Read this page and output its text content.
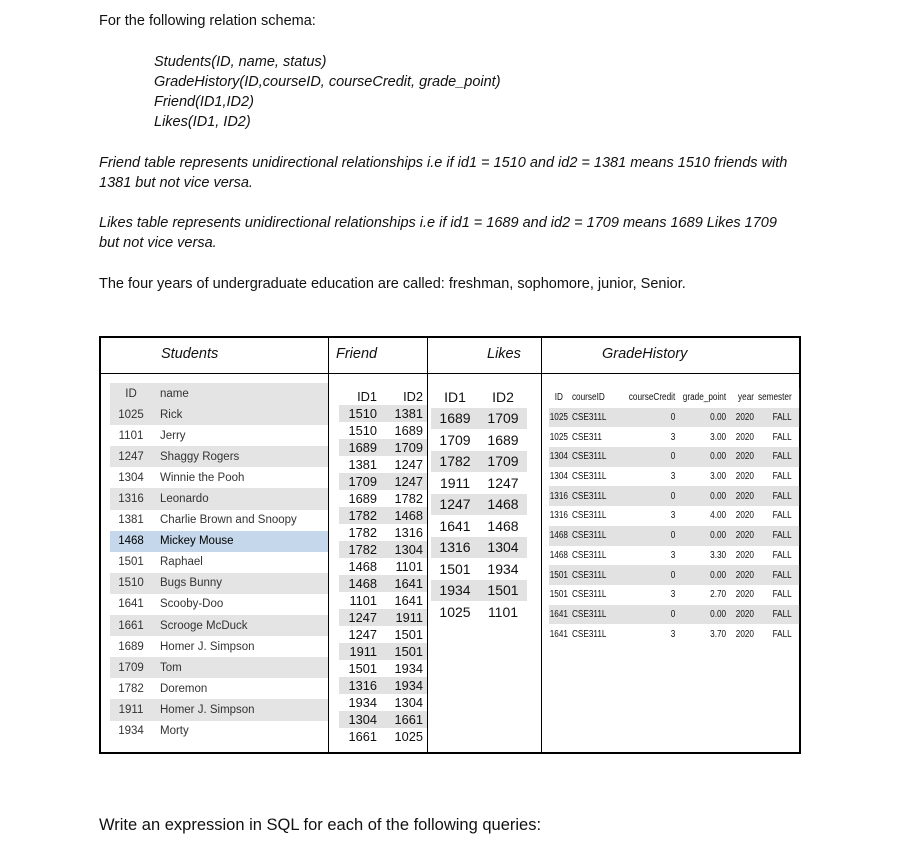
For the following relation schema:
Students(ID, name, status)
GradeHistory(ID,courseID, courseCredit, grade_point)
Friend(ID1,ID2)
Likes(ID1, ID2)
Friend table represents unidirectional relationships i.e if id1 = 1510 and id2 = 1381 means 1510 friends with 1381 but not vice versa.
Likes table represents unidirectional relationships i.e if id1 = 1689 and id2 = 1709 means 1689 Likes 1709 but not vice versa.
The four years of undergraduate education are called: freshman, sophomore, junior, Senior.
Students	Friend	Likes	GradeHistory
ID	name
1025	Rick
1101	Jerry
1247	Shaggy Rogers
1304	Winnie the Pooh
1316	Leonardo
1381	Charlie Brown and Snoopy
1468	Mickey Mouse
1501	Raphael
1510	Bugs Bunny
1641	Scooby-Doo
1661	Scrooge McDuck
1689	Homer J. Simpson
1709	Tom
1782	Doremon
1911	Homer J. Simpson
1934	Morty
ID1	ID2
1510	1381
1510	1689
1689	1709
1381	1247
1709	1247
1689	1782
1782	1468
1782	1316
1782	1304
1468	1101
1468	1641
1101	1641
1247	1911
1247	1501
1911	1501
1501	1934
1316	1934
1934	1304
1304	1661
1661	1025
ID1	ID2
1689	1709
1709	1689
1782	1709
1911	1247
1247	1468
1641	1468
1316	1304
1501	1934
1934	1501
1025	1101
ID courseID	courseCredit grade_point	year semester
1025 CSE311L	0	0.00 2020	FALL
1025 CSE311	3	3.00 2020	FALL
1304 CSE311L	0	0.00 2020	FALL
1304 CSE311L	3	3.00 2020	FALL
1316 CSE311L	0	0.00 2020	FALL
1316 CSE311L	3	4.00 2020	FALL
1468 CSE311L	0	0.00 2020	FALL
1468 CSE311L	3	3.30 2020	FALL
1501 CSE311L	0	0.00 2020	FALL
1501 CSE311L	3	2.70 2020	FALL
1641 CSE311L	0	0.00 2020	FALL
1641 CSE311L	3	3.70 2020	FALL
Write an expression in SQL for each of the following queries:
